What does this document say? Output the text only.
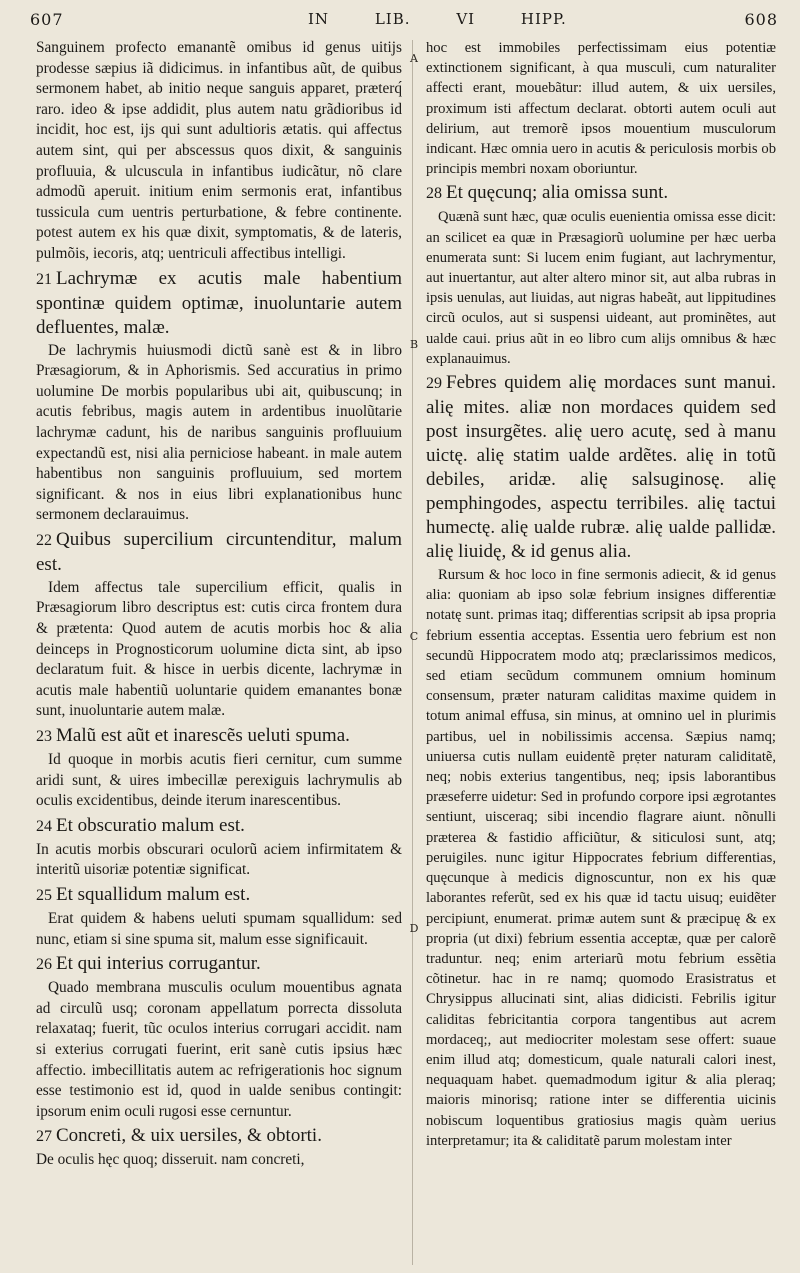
607	IN	LIB.	VI	HIPP.	608
A
B
C
D

Sanguinem profecto emanantẽ omibus id genus uitijs prodesse sæpius iã didicimus. in infantibus aũt, de quibus sermonem habet, ab initio neque sanguis apparet, præterq́ raro. ideo & ipse addidit, plus autem natu grãdioribus id incidit, hoc est, ijs qui sunt adultioris ætatis. qui affectus autem sint, qui per abscessus quos dixit, & sanguinis profluuia, & ulcuscula in infantibus iudicãtur, nõ clare admodũ aperuit. initium enim sermonis erat, infantibus tussicula cum uentris perturbatione, & febre continente. potest autem ex his quæ dixit, symptomatis, & de lateris, pulmõis, iecoris, atq; uentriculi affectibus intelligi.

21 Lachrymæ ex acutis male habentium spontinæ quidem optimæ, inuoluntarie autem defluentes, malæ.

De lachrymis huiusmodi dictũ sanè est & in libro Præsagiorum, & in Aphorismis. Sed accuratius in primo uolumine De morbis popularibus ubi ait, quibuscunq; in acutis febribus, magis autem in ardentibus inuolũtarie lachrymæ cadunt, his de naribus sanguinis profluuium expectandũ est, nisi alia perniciose habeant. in male autem habentibus non sanguinis profluuium, sed mortem significant. & nos in eius libri explanationibus hunc sermonem declarauimus.

22 Quibus supercilium circuntenditur, malum est.

Idem affectus tale supercilium efficit, qualis in Præsagiorum libro descriptus est: cutis circa frontem dura & prætenta: Quod autem de acutis morbis hoc & alia deinceps in Prognosticorum uolumine dicta sint, ab ipso declaratum fuit. & hisce in uerbis dicente, lachrymæ in acutis male habentiũ uoluntarie quidem emanantes bonæ sunt, inuoluntarie autem malæ.

23 Malũ est aũt et inarescẽs ueluti spuma.

Id quoque in morbis acutis fieri cernitur, cum summe aridi sunt, & uires imbecillæ perexiguis lachrymulis ab oculis excidentibus, deinde iterum inarescentibus.

24 Et obscuratio malum est.

In acutis morbis obscurari oculorũ aciem infirmitatem & interitũ uisoriæ potentiæ significat.

25 Et squallidum malum est.

Erat quidem & habens ueluti spumam squallidum: sed nunc, etiam si sine spuma sit, malum esse significauit.

26 Et qui interius corrugantur.

Quado membrana musculis oculum mouentibus agnata ad circulũ usq; coronam appellatum porrecta dissoluta relaxataq; fuerit, tũc oculos interius corrugari accidit. nam si exterius corrugati fuerint, erit sanè cutis ipsius hæc affectio. imbecillitatis autem ac refrigerationis hoc signum esse testimonio est id, quod in ualde senibus contingit: ipsorum enim oculi rugosi esse cernuntur.

27 Concreti, & uix uersiles, & obtorti.

De oculis hęc quoq; disseruit. nam concreti,

hoc est immobiles perfectissimam eius potentiæ extinctionem significant, à qua musculi, cum naturaliter affecti erant, mouebãtur: illud autem, & uix uersiles, proximum isti affectum declarat. obtorti autem oculi aut delirium, aut tremorẽ ipsos mouentium musculorum indicant. Hæc omnia uero in acutis & periculosis morbis ob principis membri noxam oboriuntur.

28 Et quęcunq; alia omissa sunt.

Quænã sunt hæc, quæ oculis euenientia omissa esse dicit: an scilicet ea quæ in Præsagiorũ uolumine per hæc uerba enumerata sunt: Si lucem enim fugiant, aut lachrymentur, aut inuertantur, aut alter altero minor sit, aut alba rubras in ipsis uenulas, aut liuidas, aut nigras habeãt, aut lippitudines circũ oculos, aut si suspensi uideant, aut prominẽtes, aut ualde caui. prius aũt in eo libro cum alijs omnibus & hæc explanauimus.

29 Febres quidem alię mordaces sunt manui. alię mites. aliæ non mordaces quidem sed post insurgẽtes. alię uero acutę, sed à manu uictę. alię statim ualde ardẽtes. alię in totũ debiles, aridæ. alię salsuginosę. alię pemphingodes, aspectu terribiles. alię tactui humectę. alię ualde rubræ. alię ualde pallidæ. alię liuidę, & id genus alia.

Rursum & hoc loco in fine sermonis adiecit, & id genus alia: quoniam ab ipso solæ febrium insignes differentiæ notatę sunt. primas itaq; differentias scripsit ab ipsa propria febrium essentia acceptas. Essentia uero febrium est non secundũ Hippocratem modo atq; præclarissimos medicos, sed etiam secũdum communem omnium hominum consensum, præter naturam caliditas maxime quidem in totum animal effusa, sin minus, at omnino uel in plurimis partibus, uel in nobilissimis accensa. Sæpius namq; uniuersa cutis nullam euidentẽ prẹter naturam caliditatẽ, neq; nobis exterius tangentibus, neq; ipsis laborantibus præseferre uidetur: Sed in profundo corpore ipsi ægrotantes sentiunt, uisceraq; sibi incendio flagrare aiunt. nõnulli præterea & fastidio afficiũtur, & siticulosi sunt, atq; peruigiles. nunc igitur Hippocrates febrium differentias, quęcunque à medicis dignoscuntur, non ex his quæ laborantes referũt, sed ex his quæ id tactu uisuq; euidẽter percipiunt, enumerat. primæ autem sunt & præcipuę & ex propria (ut dixi) febrium essentia acceptæ, quæ per calorẽ traduntur. neq; enim arteriarũ motu febrium essẽtia cõtinetur. hac in re namq; quomodo Erasistratus et Chrysippus allucinati sint, alias didicisti. Febrilis igitur caliditas febricitantia corpora tangentibus aut acrem mordaceq;, aut mediocriter molestam sese offert: suaue enim illud atq; domesticum, quale naturali calori inest, nequaquam habet. quemadmodum igitur & alia pleraq; maioris minorisq; ratione inter se differentia uicinis nobiscum loquentibus gratiosius magis quàm uerius interpretamur; ita & caliditatẽ parum molestam inter
